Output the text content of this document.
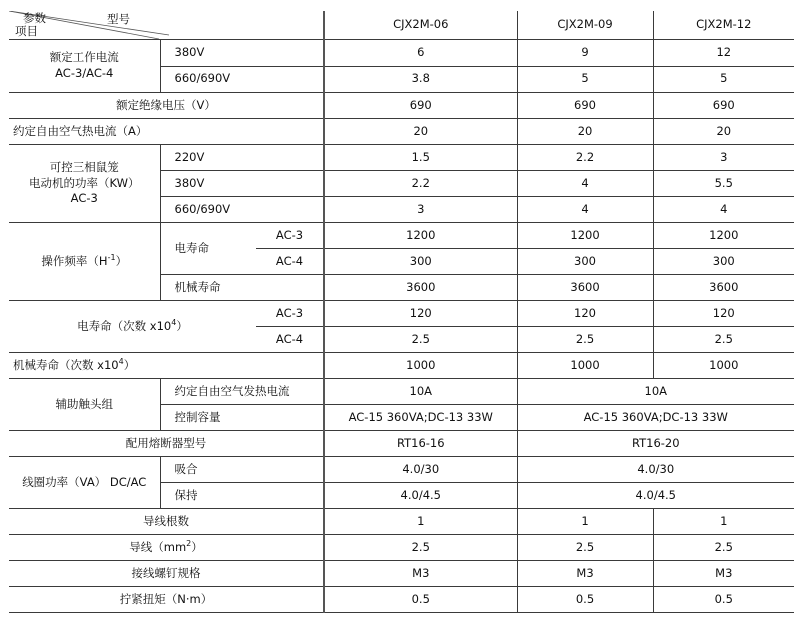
参数 型号
项目			CJX2M-06	CJX2M-09	CJX2M-12

额定工作电流
AC-3/AC-4	380V		6	9	12
	660/690V		3.8	5	5
额定绝缘电压（V）			690	690	690
约定自由空气热电流（A）			20	20	20

可控三相鼠笼
电动机的功率（KW）
AC-3	220V		1.5	2.2	3
	380V		2.2	4	5.5
	660/690V		3	4	4
操作频率$(H^{-1})$	电寿命	AC-3	1200	1200	1200
		AC-4	300	300	300
	机械寿命		3600	3600	3600
电寿命（次数 $x10^4$）		AC-3	120	120	120
		AC-4	2.5	2.5	2.5
机械寿命（次数 $x10^4$）			1000	1000	1000
辅助触头组	约定自由空气发热电流		10A	10A	
	控制容量		AC-15 360VA;DC-13 33W	AC-15 360VA;DC-13 33W	
配用熔断器型号			RT16-16	RT16-20	
线圈功率（VA） DC/AC	吸合		4.0/30	4.0/30	
	保持		4.0/4.5	4.0/4.5	
导线根数			1	1	1
导线$(mm^2)$			2.5	2.5	2.5
接线螺钉规格			M3	M3	M3
拧紧扭矩（N·m）			0.5	0.5	0.5
